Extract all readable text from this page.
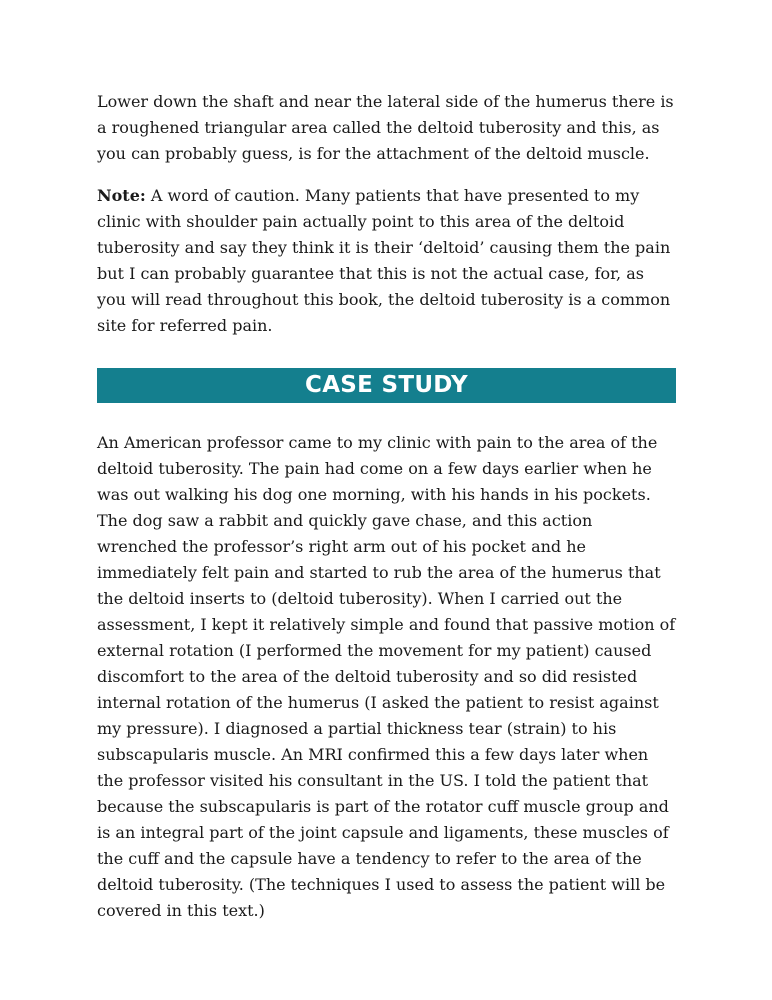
Lower down the shaft and near the lateral side of the humerus there is a roughened triangular area called the deltoid tuberosity and this, as you can probably guess, is for the attachment of the deltoid muscle.

Note: A word of caution. Many patients that have presented to my clinic with shoulder pain actually point to this area of the deltoid tuberosity and say they think it is their ‘deltoid’ causing them the pain but I can probably guarantee that this is not the actual case, for, as you will read throughout this book, the deltoid tuberosity is a common site for referred pain.

CASE STUDY

An American professor came to my clinic with pain to the area of the deltoid tuberosity. The pain had come on a few days earlier when he was out walking his dog one morning, with his hands in his pockets. The dog saw a rabbit and quickly gave chase, and this action wrenched the professor’s right arm out of his pocket and he immediately felt pain and started to rub the area of the humerus that the deltoid inserts to (deltoid tuberosity). When I carried out the assessment, I kept it relatively simple and found that passive motion of external rotation (I performed the movement for my patient) caused discomfort to the area of the deltoid tuberosity and so did resisted internal rotation of the humerus (I asked the patient to resist against my pressure). I diagnosed a partial thickness tear (strain) to his subscapularis muscle. An MRI confirmed this a few days later when the professor visited his consultant in the US. I told the patient that because the subscapularis is part of the rotator cuff muscle group and is an integral part of the joint capsule and ligaments, these muscles of the cuff and the capsule have a tendency to refer to the area of the deltoid tuberosity. (The techniques I used to assess the patient will be covered in this text.)
